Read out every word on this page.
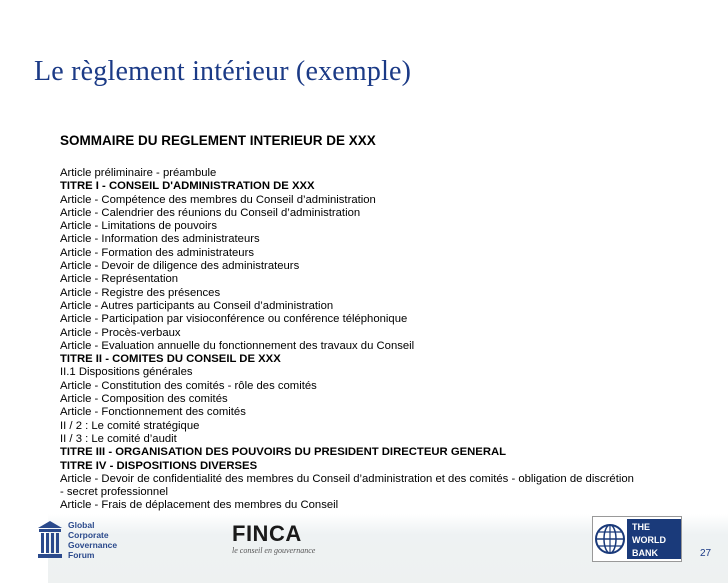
Le règlement intérieur (exemple)
SOMMAIRE DU REGLEMENT INTERIEUR DE XXX
Article préliminaire - préambule
TITRE I - CONSEIL D'ADMINISTRATION DE XXX
Article - Compétence des membres du Conseil d’administration
Article - Calendrier des réunions du Conseil d’administration
Article - Limitations de pouvoirs
Article - Information des administrateurs
Article - Formation des administrateurs
Article - Devoir de diligence des administrateurs
Article - Représentation
Article - Registre des présences
Article - Autres participants au Conseil d’administration
Article - Participation par visioconférence ou conférence téléphonique
Article - Procès-verbaux
Article - Evaluation annuelle du fonctionnement des travaux du Conseil
TITRE II - COMITES DU CONSEIL DE XXX
II.1 Dispositions générales
Article - Constitution des comités - rôle des comités
Article - Composition des comités
Article - Fonctionnement des comités
II / 2 : Le comité stratégique
II / 3 : Le comité d’audit
TITRE III - ORGANISATION DES POUVOIRS DU PRESIDENT DIRECTEUR GENERAL
TITRE IV - DISPOSITIONS DIVERSES
Article - Devoir de confidentialité des membres du Conseil d’administration et des comités - obligation de discrétion
- secret professionnel
Article - Frais de déplacement des membres du Conseil
Global
Corporate
Governance
Forum
FINCA
le conseil en gouvernance
THE
WORLD
BANK	27
